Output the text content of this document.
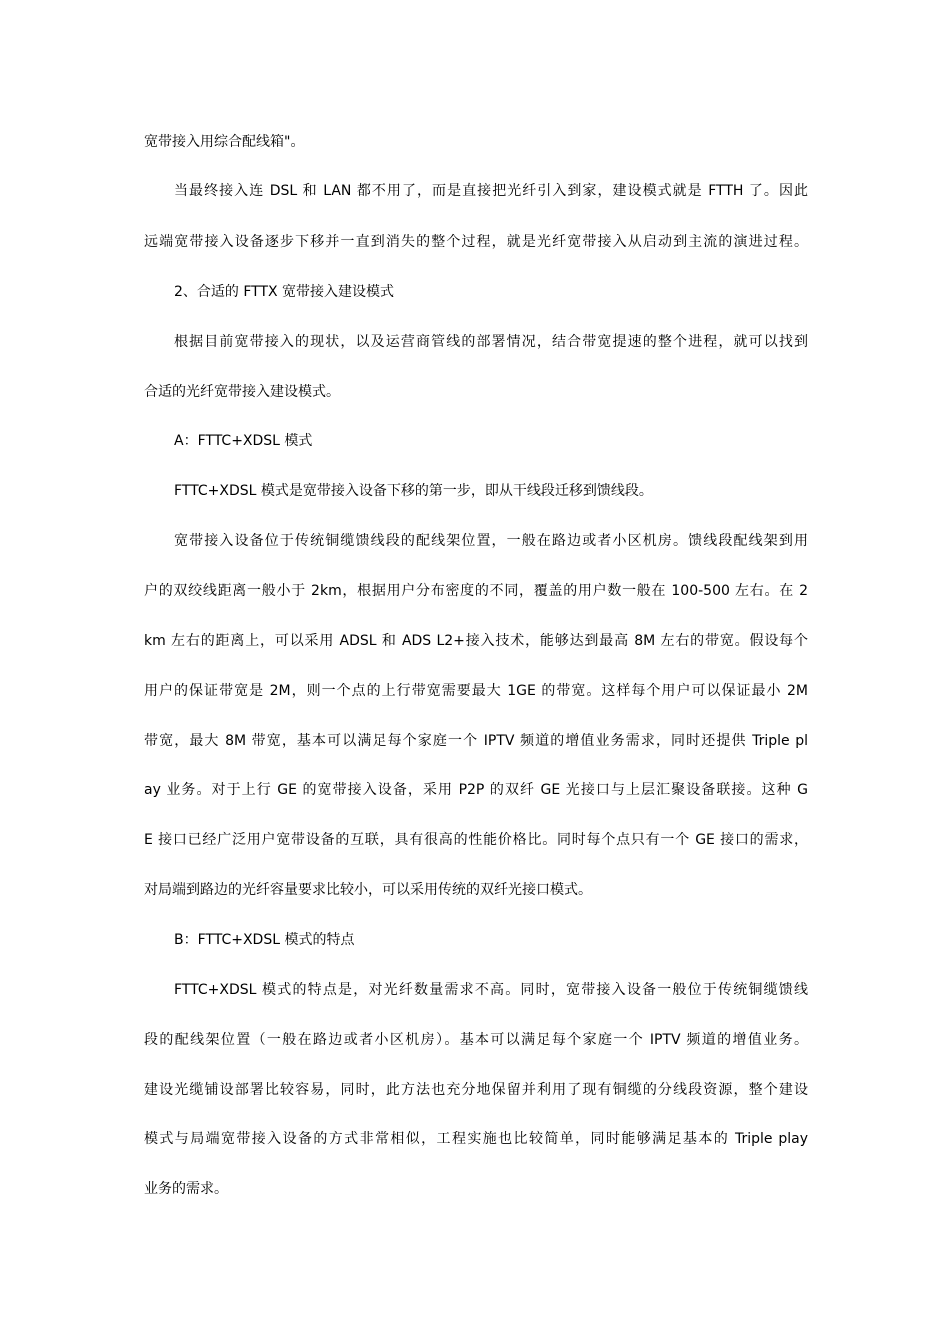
宽带接入用综合配线箱"。
当最终接入连 DSL 和 LAN 都不用了，而是直接把光纤引入到家，建设模式就是 FTTH 了。因此
远端宽带接入设备逐步下移并一直到消失的整个过程，就是光纤宽带接入从启动到主流的演进过程。
2、合适的 FTTX 宽带接入建设模式
根据目前宽带接入的现状，以及运营商管线的部署情况，结合带宽提速的整个进程，就可以找到
合适的光纤宽带接入建设模式。
A：FTTC+XDSL 模式
FTTC+XDSL 模式是宽带接入设备下移的第一步，即从干线段迁移到馈线段。
宽带接入设备位于传统铜缆馈线段的配线架位置，一般在路边或者小区机房。馈线段配线架到用
户的双绞线距离一般小于 2km，根据用户分布密度的不同，覆盖的用户数一般在 100-500 左右。在 2
km 左右的距离上，可以采用 ADSL 和 ADS L2+接入技术，能够达到最高 8M 左右的带宽。假设每个
用户的保证带宽是 2M，则一个点的上行带宽需要最大 1GE 的带宽。这样每个用户可以保证最小 2M
带宽，最大 8M 带宽，基本可以满足每个家庭一个 IPTV 频道的增值业务需求，同时还提供 Triple pl
ay 业务。对于上行 GE 的宽带接入设备，采用 P2P 的双纤 GE 光接口与上层汇聚设备联接。这种 G
E 接口已经广泛用户宽带设备的互联，具有很高的性能价格比。同时每个点只有一个 GE 接口的需求，
对局端到路边的光纤容量要求比较小，可以采用传统的双纤光接口模式。
B：FTTC+XDSL 模式的特点
FTTC+XDSL 模式的特点是，对光纤数量需求不高。同时，宽带接入设备一般位于传统铜缆馈线
段的配线架位置（一般在路边或者小区机房）。基本可以满足每个家庭一个 IPTV 频道的增值业务。
建设光缆铺设部署比较容易，同时，此方法也充分地保留并利用了现有铜缆的分线段资源，整个建设
模式与局端宽带接入设备的方式非常相似，工程实施也比较简单，同时能够满足基本的 Triple play
业务的需求。
